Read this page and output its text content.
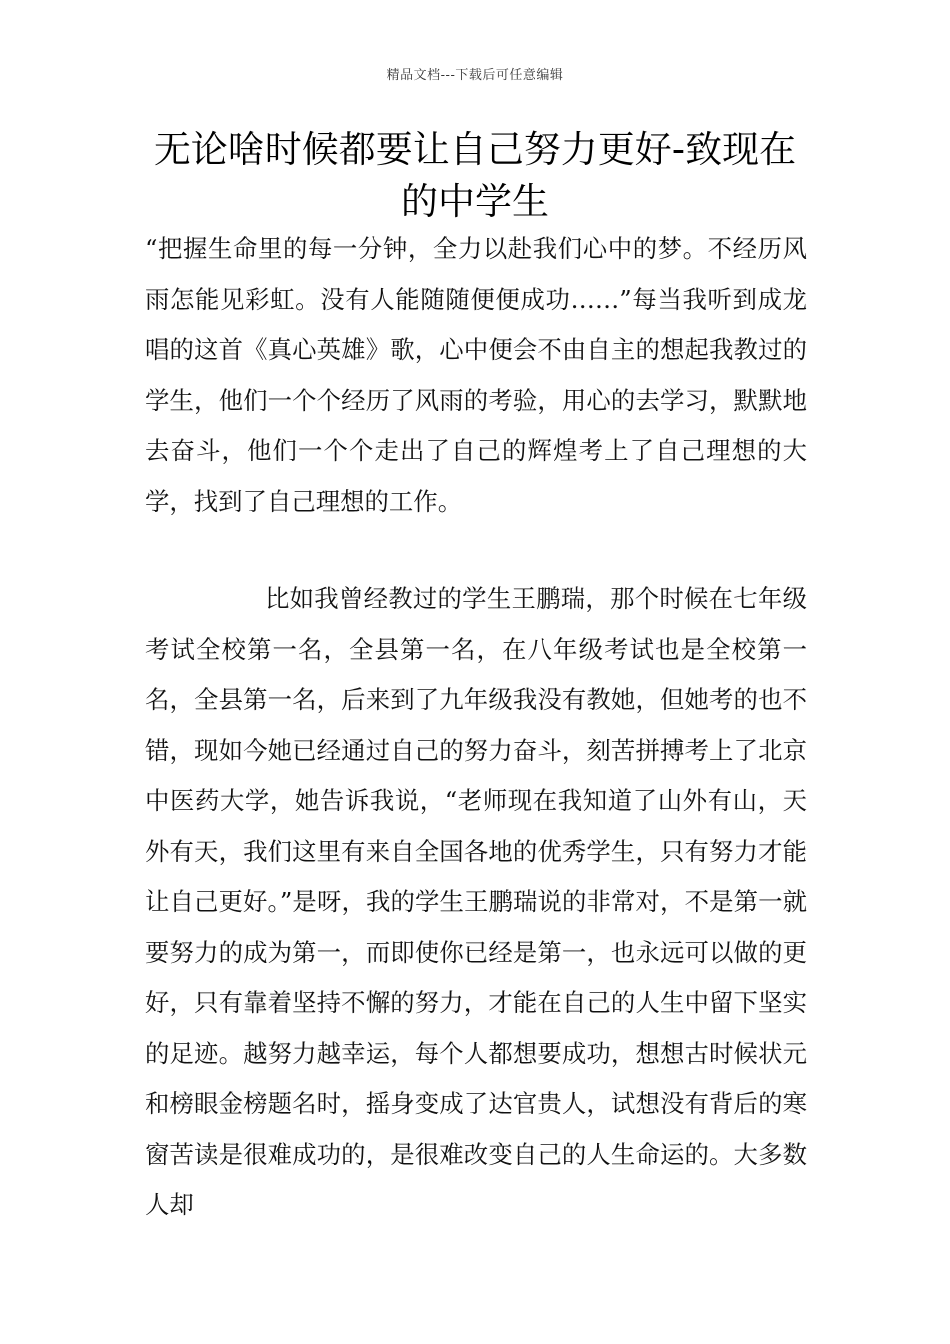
精品文档---下载后可任意编辑
无论啥时候都要让自己努力更好-致现在的中学生

“把握生命里的每一分钟，全力以赴我们心中的梦。不经历风雨怎能见彩虹。没有人能随随便便成功……”每当我听到成龙唱的这首《真心英雄》歌，心中便会不由自主的想起我教过的学生，他们一个个经历了风雨的考验，用心的去学习，默默地去奋斗，他们一个个走出了自己的辉煌考上了自己理想的大学，找到了自己理想的工作。

比如我曾经教过的学生王鹏瑞，那个时候在七年级考试全校第一名，全县第一名，在八年级考试也是全校第一名，全县第一名，后来到了九年级我没有教她，但她考的也不错，现如今她已经通过自己的努力奋斗，刻苦拼搏考上了北京中医药大学，她告诉我说，“老师现在我知道了山外有山，天外有天，我们这里有来自全国各地的优秀学生，只有努力才能让自己更好。”是呀，我的学生王鹏瑞说的非常对，不是第一就要努力的成为第一，而即使你已经是第一，也永远可以做的更好，只有靠着坚持不懈的努力，才能在自己的人生中留下坚实的足迹。越努力越幸运，每个人都想要成功，想想古时候状元和榜眼金榜题名时，摇身变成了达官贵人，试想没有背后的寒窗苦读是很难成功的，是很难改变自己的人生命运的。大多数人却
